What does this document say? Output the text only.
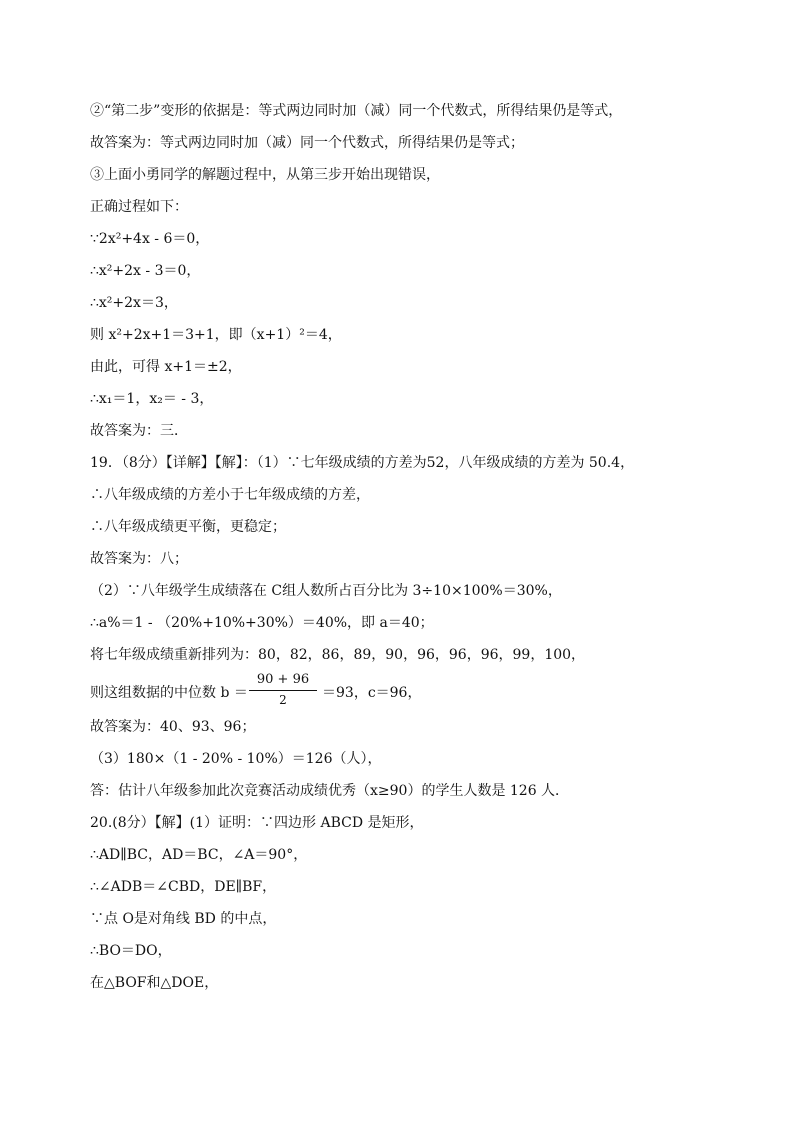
②“第二步”变形的依据是：等式两边同时加（减）同一个代数式，所得结果仍是等式，
故答案为：等式两边同时加（减）同一个代数式，所得结果仍是等式；
③上面小勇同学的解题过程中，从第三步开始出现错误，
正确过程如下：
∵2x²+4x - 6＝0，
∴x²+2x - 3＝0，
∴x²+2x＝3，
则 x²+2x+1＝3+1，即（x+1）²＝4，
由此，可得 x+1＝±2，
∴x₁＝1，x₂＝ - 3，
故答案为：三．
19．（8分）【详解】【解】：（1）∵七年级成绩的方差为52，八年级成绩的方差为 50.4，
∴八年级成绩的方差小于七年级成绩的方差，
∴八年级成绩更平衡，更稳定；
故答案为：八；
（2）∵八年级学生成绩落在 C组人数所占百分比为 3÷10×100%＝30%，
∴a%＝1 - （20%+10%+30%）＝40%，即 a＝40；
将七年级成绩重新排列为：80，82，86，89，90，96，96，96，99，100，
则这组数据的中位数 b ＝
90 + 96
2	＝93，c＝96，
故答案为：40、93、96；
（3）180×（1 - 20% - 10%）＝126（人），
答：估计八年级参加此次竞赛活动成绩优秀（x≥90）的学生人数是 126 人．
20.(8分）【解】(1）证明：∵四边形 ABCD 是矩形，
∴AD∥BC，AD＝BC，∠A＝90°，
∴∠ADB＝∠CBD，DE∥BF，
∵点 O是对角线 BD 的中点，
∴BO＝DO，
在△BOF和△DOE，
